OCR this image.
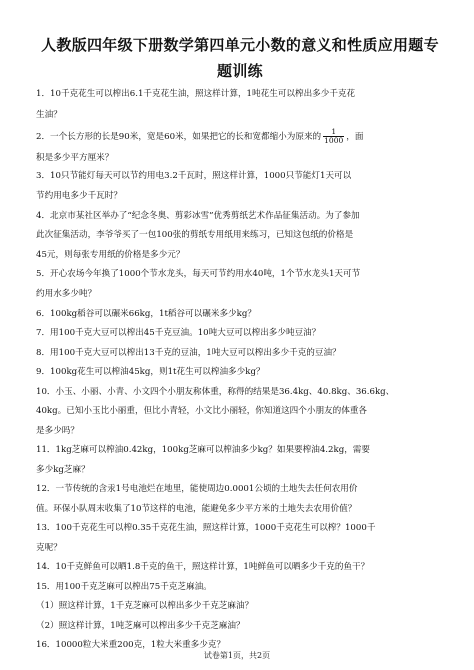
人教版四年级下册数学第四单元小数的意义和性质应用题专
题训练
1．10千克花生可以榨出6.1千克花生油，照这样计算，1吨花生可以榨出多少千克花
生油？
2．一个长方形的长是90米，宽是60米，如果把它的长和宽都缩小为原来的 $\frac{1}{1000}$ ，面
积是多少平方厘米？
3．10只节能灯每天可以节约用电3.2千瓦时，照这样计算，1000只节能灯1天可以
节约用电多少千瓦时？
4．北京市某社区举办了“纪念冬奥、剪彩冰雪”优秀剪纸艺术作品征集活动。为了参加
此次征集活动，李爷爷买了一包100张的剪纸专用纸用来练习，已知这包纸的价格是
45元，则每张专用纸的价格是多少元？
5．开心农场今年换了1000个节水龙头，每天可节约用水40吨，1个节水龙头1天可节
约用水多少吨？
6．100kg稻谷可以碾米66kg，1t稻谷可以碾米多少kg？
7．用100千克大豆可以榨出45千克豆油。10吨大豆可以榨出多少吨豆油？
8．用100千克大豆可以榨出13千克的豆油，1吨大豆可以榨出多少千克的豆油？
9．100kg花生可以榨油45kg，则1t花生可以榨油多少kg？
10．小玉、小丽、小青、小文四个小朋友称体重，称得的结果是36.4kg、40.8kg、36.6kg、
40kg。已知小玉比小丽重，但比小青轻，小文比小丽轻，你知道这四个小朋友的体重各
是多少吗？
11．1kg芝麻可以榨油0.42kg，100kg芝麻可以榨油多少kg？如果要榨油4.2kg，需要
多少kg芝麻？
12．一节传统的含汞1号电池烂在地里，能使周边0.0001公顷的土地失去任何农用价
值。环保小队周末收集了10节这样的电池，能避免多少平方米的土地失去农用价值？
13．100千克花生可以榨0.35千克花生油，照这样计算，1000千克花生可以榨？1000千
克呢？
14．10千克鲜鱼可以晒1.8千克的鱼干，照这样计算，1吨鲜鱼可以晒多少千克的鱼干？
15．用100千克芝麻可以榨出75千克芝麻油。
（1）照这样计算，1千克芝麻可以榨出多少千克芝麻油？
（2）照这样计算，1吨芝麻可以榨出多少千克芝麻油？
16．10000粒大米重200克，1粒大米重多少克？
试卷第1页，共2页
